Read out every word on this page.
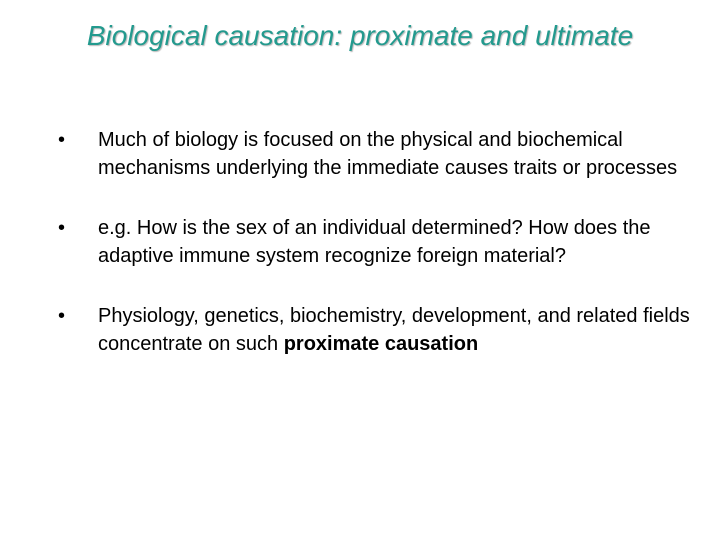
Biological causation: proximate and ultimate
•	Much of biology is focused on the physical and biochemical mechanisms underlying the immediate causes traits or processes
•	e.g. How is the sex of an individual determined? How does the adaptive immune system recognize foreign material?
•	Physiology, genetics, biochemistry, development, and related fields concentrate on such proximate causation
